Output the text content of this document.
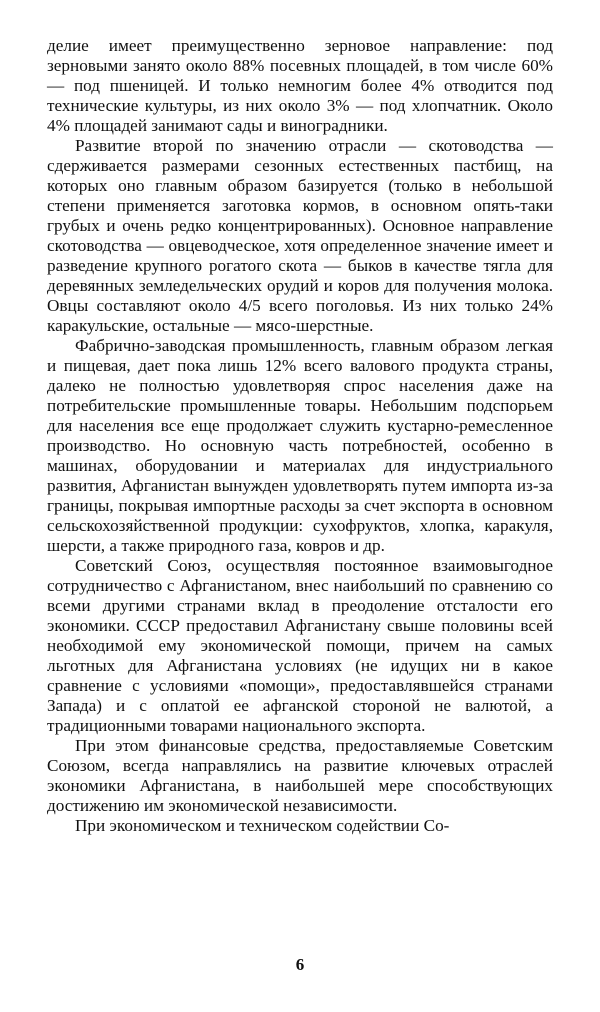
делие имеет преимущественно зерновое направление: под зерновыми занято около 88% посевных площадей, в том числе 60% — под пшеницей. И только немногим более 4% отводится под технические культуры, из них около 3% — под хлопчатник. Около 4% площадей занимают сады и виноградники.

Развитие второй по значению отрасли — скотоводства — сдерживается размерами сезонных естественных пастбищ, на которых оно главным образом базируется (только в небольшой степени применяется заготовка кормов, в основном опять-таки грубых и очень редко концентрированных). Основное направление скотоводства — овцеводческое, хотя определенное значение имеет и разведение крупного рогатого скота — быков в качестве тягла для деревянных земледельческих орудий и коров для получения молока. Овцы составляют около 4/5 всего поголовья. Из них только 24% каракульские, остальные — мясо-шерстные.

Фабрично-заводская промышленность, главным образом легкая и пищевая, дает пока лишь 12% всего валового продукта страны, далеко не полностью удовлетворяя спрос населения даже на потребительские промышленные товары. Небольшим подспорьем для населения все еще продолжает служить кустарно-ремесленное производство. Но основную часть потребностей, особенно в машинах, оборудовании и материалах для индустриального развития, Афганистан вынужден удовлетворять путем импорта из-за границы, покрывая импортные расходы за счет экспорта в основном сельскохозяйственной продукции: сухофруктов, хлопка, каракуля, шерсти, а также природного газа, ковров и др.

Советский Союз, осуществляя постоянное взаимовыгодное сотрудничество с Афганистаном, внес наибольший по сравнению со всеми другими странами вклад в преодоление отсталости его экономики. СССР предоставил Афганистану свыше половины всей необходимой ему экономической помощи, причем на самых льготных для Афганистана условиях (не идущих ни в какое сравнение с условиями «помощи», предоставлявшейся странами Запада) и с оплатой ее афганской стороной не валютой, а традиционными товарами национального экспорта.

При этом финансовые средства, предоставляемые Советским Союзом, всегда направлялись на развитие ключевых отраслей экономики Афганистана, в наибольшей мере способствующих достижению им экономической независимости.

При экономическом и техническом содействии Со-

6
